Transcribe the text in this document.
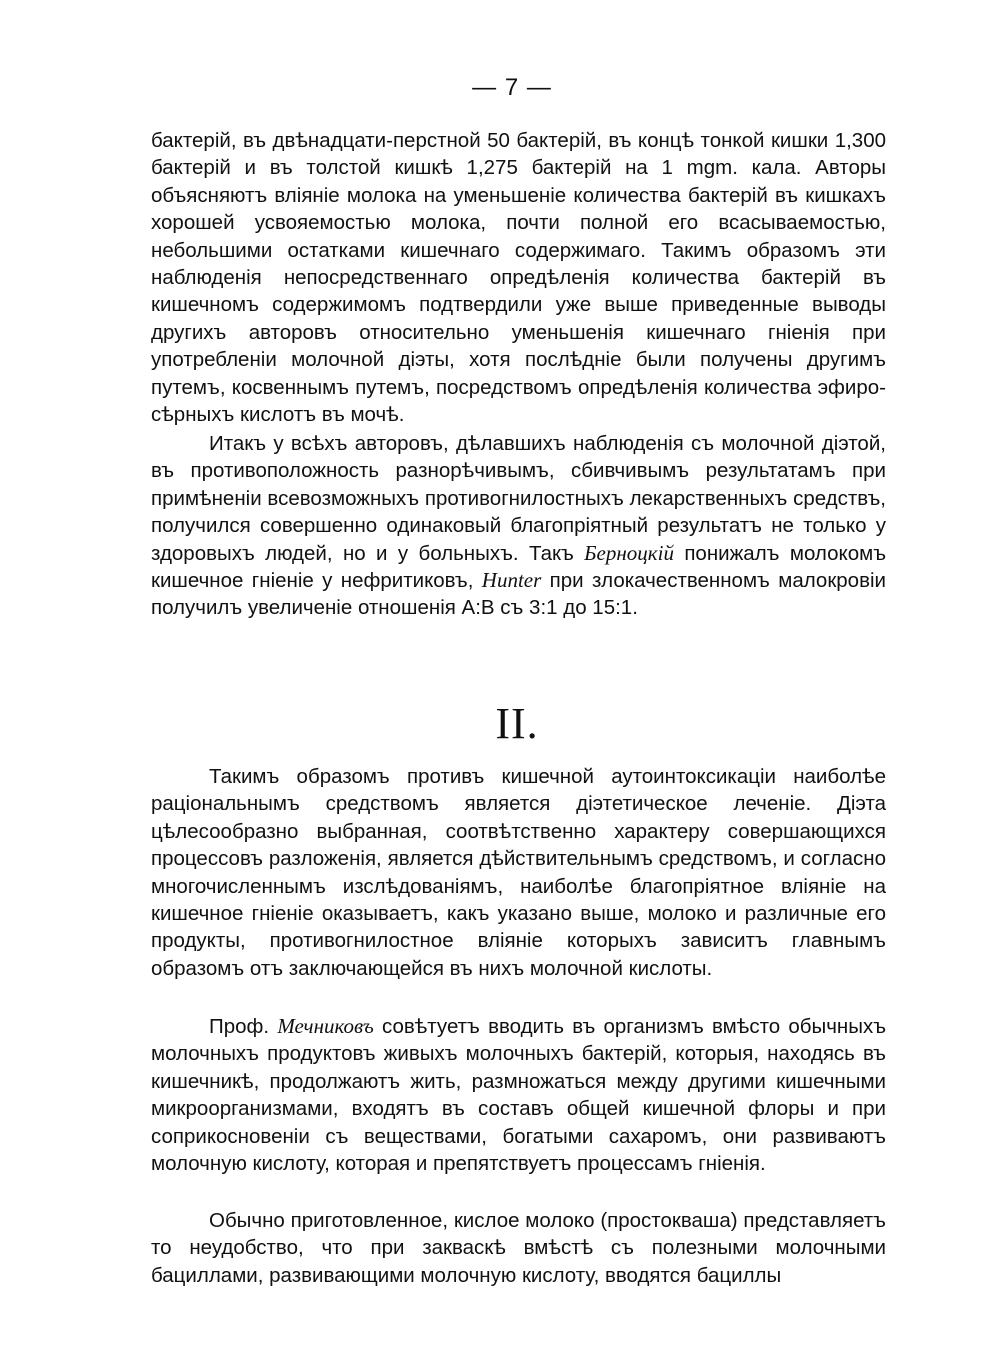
— 7 —

бактерій, въ двѣнадцати-перстной 50 бактерій, въ концѣ тонкой кишки 1,300 бактерій и въ толстой кишкѣ 1,275 бактерій на 1 mgm. кала. Авторы объясняютъ вліяніе молока на уменьшеніе количества бактерій въ кишкахъ хорошей усвояемостью молока, почти полной его всасываемостью, небольшими остатками кишечнаго содержимаго. Такимъ образомъ эти наблюденія непосредственнаго опредѣленія количества бактерій въ кишечномъ содержимомъ подтвердили уже выше приведенные выводы другихъ авторовъ относительно уменьшенія кишечнаго гніенія при употребленіи молочной діэты, хотя послѣдніе были получены другимъ путемъ, косвеннымъ путемъ, посредствомъ опредѣленія количества эфиро-сѣрныхъ кислотъ въ мочѣ.

Итакъ у всѣхъ авторовъ, дѣлавшихъ наблюденія съ молочной діэтой, въ противоположность разнорѣчивымъ, сбивчивымъ результатамъ при примѣненіи всевозможныхъ противогнилостныхъ лекарственныхъ средствъ, получился совершенно одинаковый благопріятный результатъ не только у здоровыхъ людей, но и у больныхъ. Такъ Берноцкій понижалъ молокомъ кишечное гніеніе у нефритиковъ, Hunter при злокачественномъ малокровіи получилъ увеличеніе отношенія А:В съ 3:1 до 15:1.

II.

Такимъ образомъ противъ кишечной аутоинтоксикаціи наиболѣе раціональнымъ средствомъ является діэтетическое леченіе. Діэта цѣлесообразно выбранная, соотвѣтственно характеру совершающихся процессовъ разложенія, является дѣйствительнымъ средствомъ, и согласно многочисленнымъ изслѣдованіямъ, наиболѣе благопріятное вліяніе на кишечное гніеніе оказываетъ, какъ указано выше, молоко и различные его продукты, противогнилостное вліяніе которыхъ зависитъ главнымъ образомъ отъ заключающейся въ нихъ молочной кислоты.

Проф. Мечниковъ совѣтуетъ вводить въ организмъ вмѣсто обычныхъ молочныхъ продуктовъ живыхъ молочныхъ бактерій, которыя, находясь въ кишечникѣ, продолжаютъ жить, размножаться между другими кишечными микроорганизмами, входятъ въ составъ общей кишечной флоры и при соприкосновеніи съ веществами, богатыми сахаромъ, они развиваютъ молочную кислоту, которая и препятствуетъ процессамъ гніенія.

Обычно приготовленное, кислое молоко (простокваша) представляетъ то неудобство, что при закваскѣ вмѣстѣ съ полезными молочными бациллами, развивающими молочную кислоту, вводятся бациллы
